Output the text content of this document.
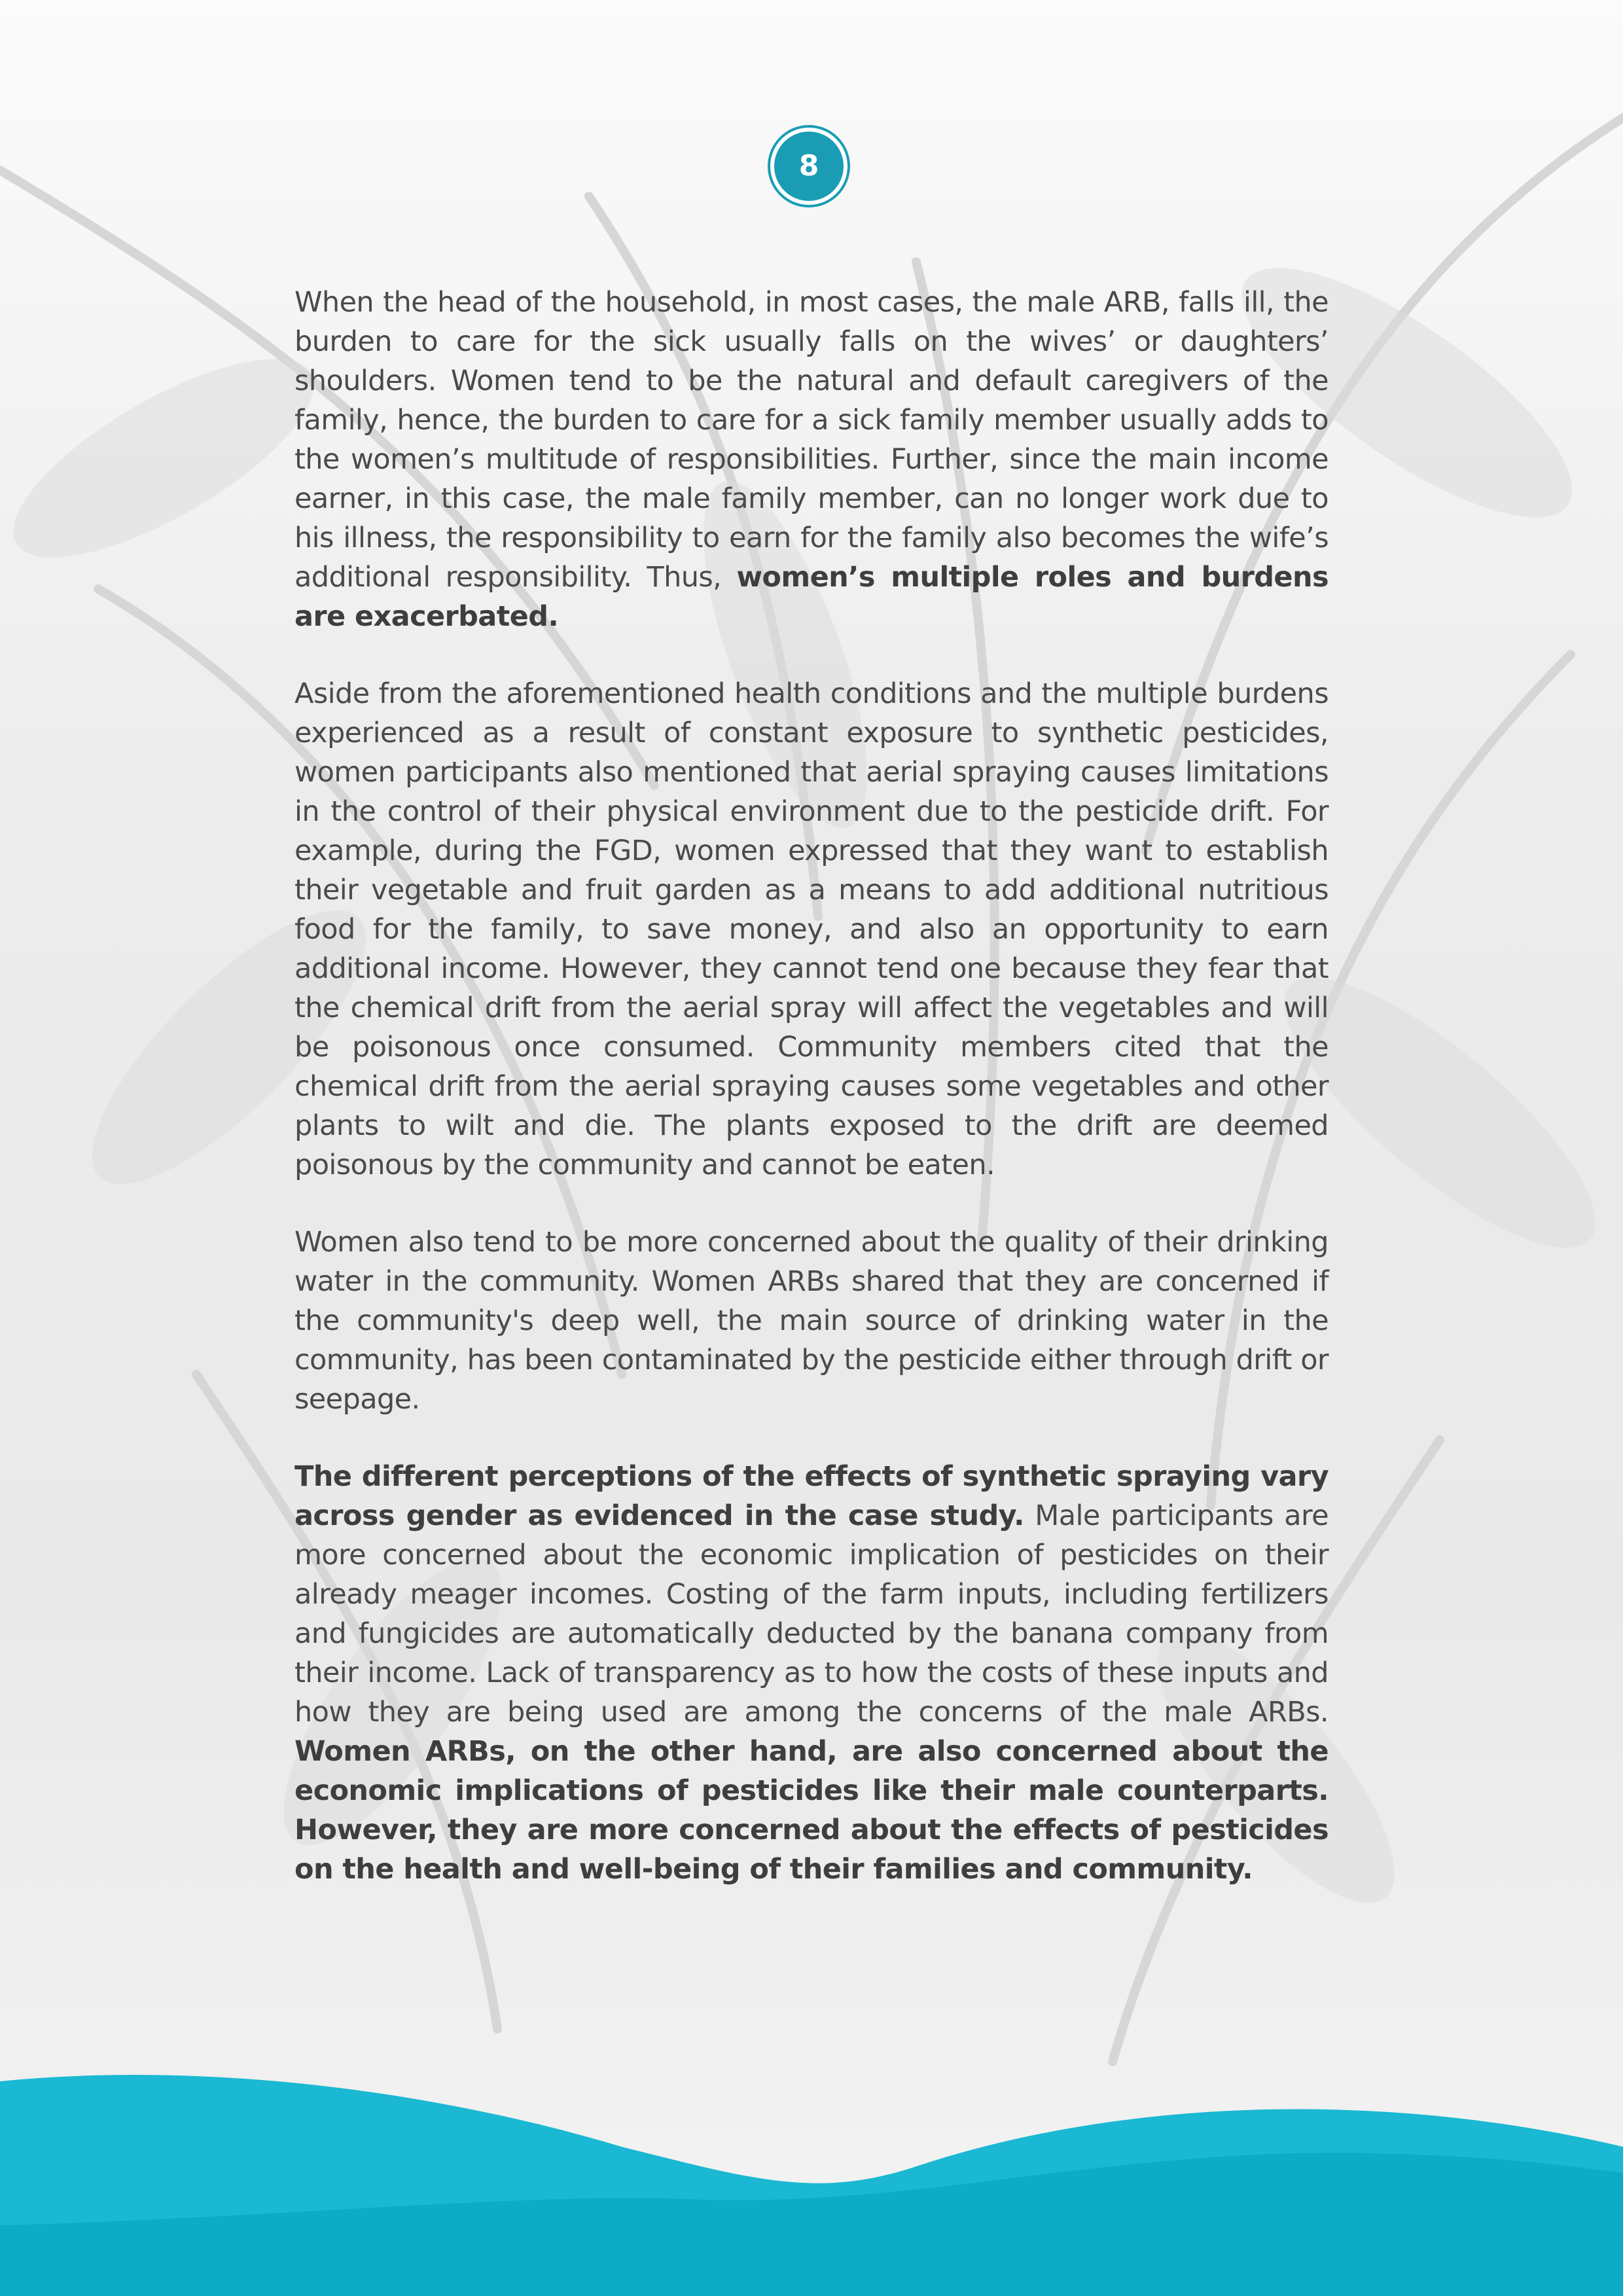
8

When the head of the household, in most cases, the male ARB, falls ill, the burden to care for the sick usually falls on the wives’ or daughters’ shoulders. Women tend to be the natural and default caregivers of the family, hence, the burden to care for a sick family member usually adds to the women’s multitude of responsibilities. Further, since the main income earner, in this case, the male family member, can no longer work due to his illness, the responsibility to earn for the family also becomes the wife’s additional responsibility. Thus, women’s multiple roles and burdens are exacerbated.

Aside from the aforementioned health conditions and the multiple burdens experienced as a result of constant exposure to synthetic pesticides, women participants also mentioned that aerial spraying causes limitations in the control of their physical environment due to the pesticide drift. For example, during the FGD, women expressed that they want to establish their vegetable and fruit garden as a means to add additional nutritious food for the family, to save money, and also an opportunity to earn additional income. However, they cannot tend one because they fear that the chemical drift from the aerial spray will affect the vegetables and will be poisonous once consumed. Community members cited that the chemical drift from the aerial spraying causes some vegetables and other plants to wilt and die. The plants exposed to the drift are deemed poisonous by the community and cannot be eaten.

Women also tend to be more concerned about the quality of their drinking water in the community. Women ARBs shared that they are concerned if the community's deep well, the main source of drinking water in the community, has been contaminated by the pesticide either through drift or seepage.

The different perceptions of the effects of synthetic spraying vary across gender as evidenced in the case study. Male participants are more concerned about the economic implication of pesticides on their already meager incomes. Costing of the farm inputs, including fertilizers and fungicides are automatically deducted by the banana company from their income. Lack of transparency as to how the costs of these inputs and how they are being used are among the concerns of the male ARBs. Women ARBs, on the other hand, are also concerned about the economic implications of pesticides like their male counterparts. However, they are more concerned about the effects of pesticides on the health and well-being of their families and community.
